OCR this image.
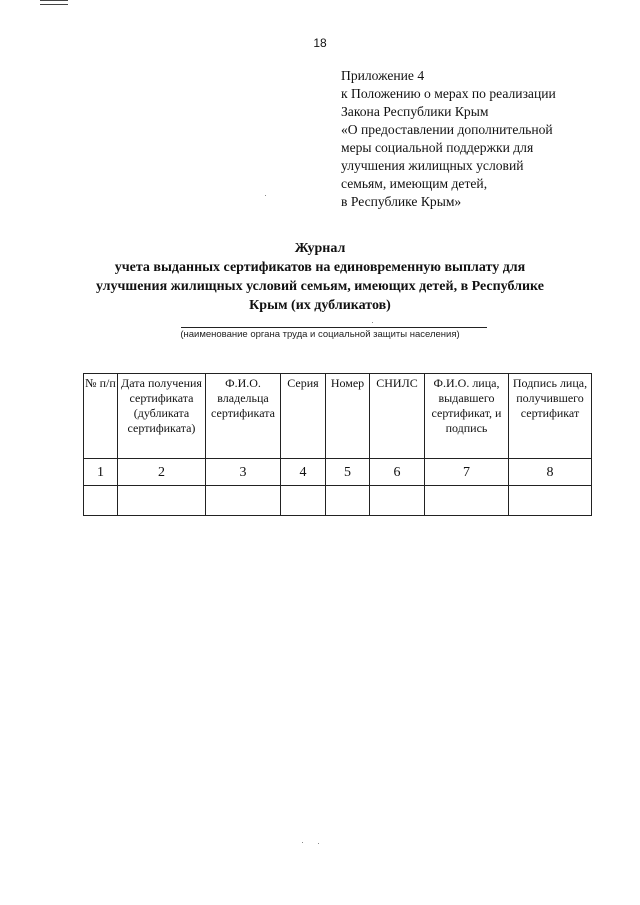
18
Приложение 4
к Положению о мерах по реализации
Закона Республики Крым
«О предоставлении дополнительной
меры социальной поддержки для
улучшения жилищных условий
семьям, имеющим детей,
в Республике Крым»
Журнал
учета выданных сертификатов на единовременную выплату для
улучшения жилищных условий семьям, имеющих детей, в Республике
Крым (их дубликатов)
(наименование органа труда и социальной защиты населения)
№ п/п	Дата получения сертификата (дубликата сертификата)	Ф.И.О. владельца сертификата	Серия	Номер	СНИЛС	Ф.И.О. лица, выдавшего сертификат, и подпись	Подпись лица, получившего сертификат
1	2	3	4	5	6	7	8
